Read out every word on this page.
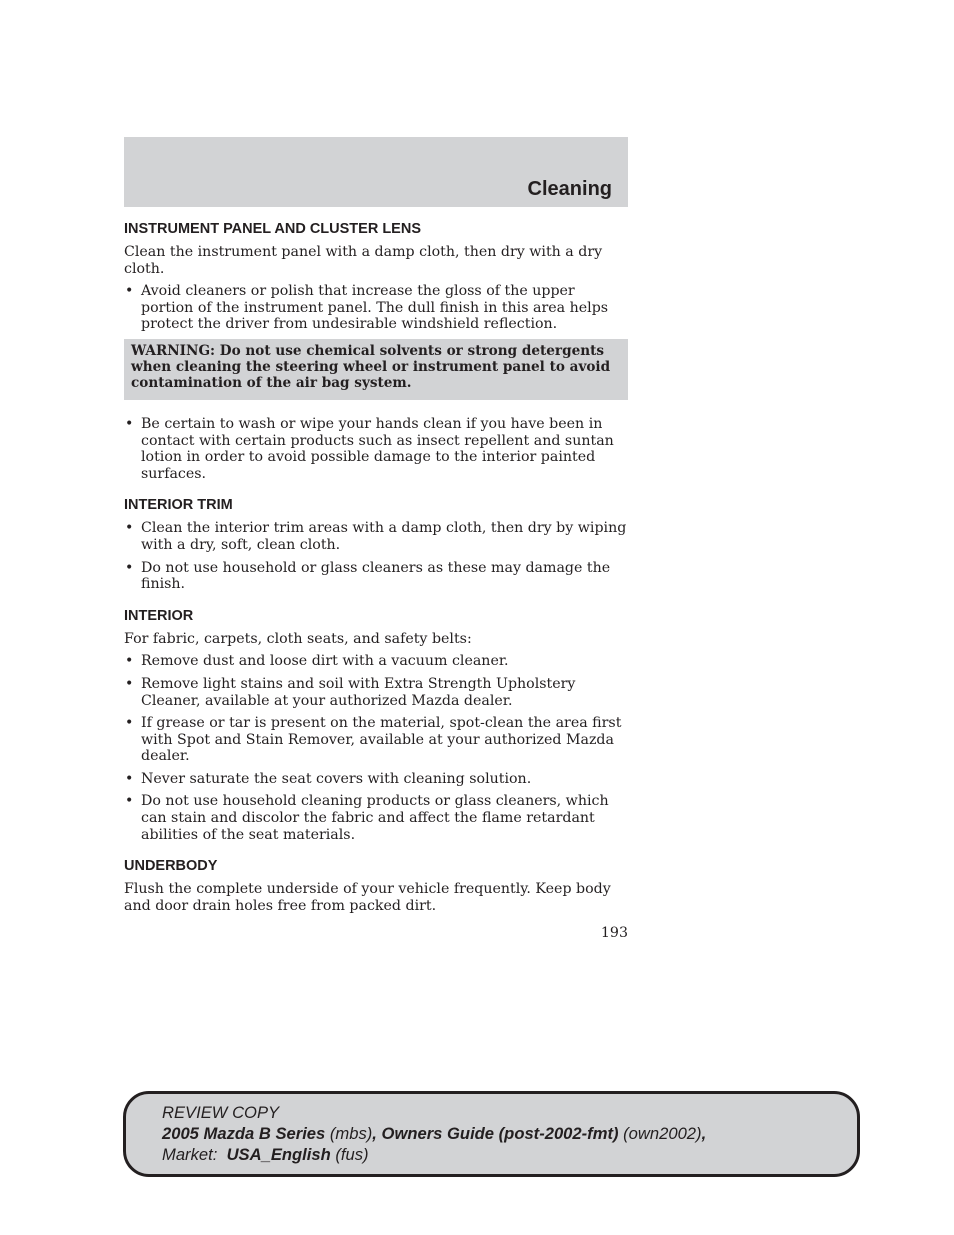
Cleaning
INSTRUMENT PANEL AND CLUSTER LENS
Clean the instrument panel with a damp cloth, then dry with a dry cloth.
• Avoid cleaners or polish that increase the gloss of the upper portion of the instrument panel. The dull finish in this area helps protect the driver from undesirable windshield reflection.
WARNING: Do not use chemical solvents or strong detergents when cleaning the steering wheel or instrument panel to avoid contamination of the air bag system.
• Be certain to wash or wipe your hands clean if you have been in contact with certain products such as insect repellent and suntan lotion in order to avoid possible damage to the interior painted surfaces.
INTERIOR TRIM
• Clean the interior trim areas with a damp cloth, then dry by wiping with a dry, soft, clean cloth.
• Do not use household or glass cleaners as these may damage the finish.
INTERIOR
For fabric, carpets, cloth seats, and safety belts:
• Remove dust and loose dirt with a vacuum cleaner.
• Remove light stains and soil with Extra Strength Upholstery Cleaner, available at your authorized Mazda dealer.
• If grease or tar is present on the material, spot-clean the area first with Spot and Stain Remover, available at your authorized Mazda dealer.
• Never saturate the seat covers with cleaning solution.
• Do not use household cleaning products or glass cleaners, which can stain and discolor the fabric and affect the flame retardant abilities of the seat materials.
UNDERBODY
Flush the complete underside of your vehicle frequently. Keep body and door drain holes free from packed dirt.
193
REVIEW COPY
2005 Mazda B Series (mbs), Owners Guide (post-2002-fmt) (own2002),
Market: USA_English (fus)
